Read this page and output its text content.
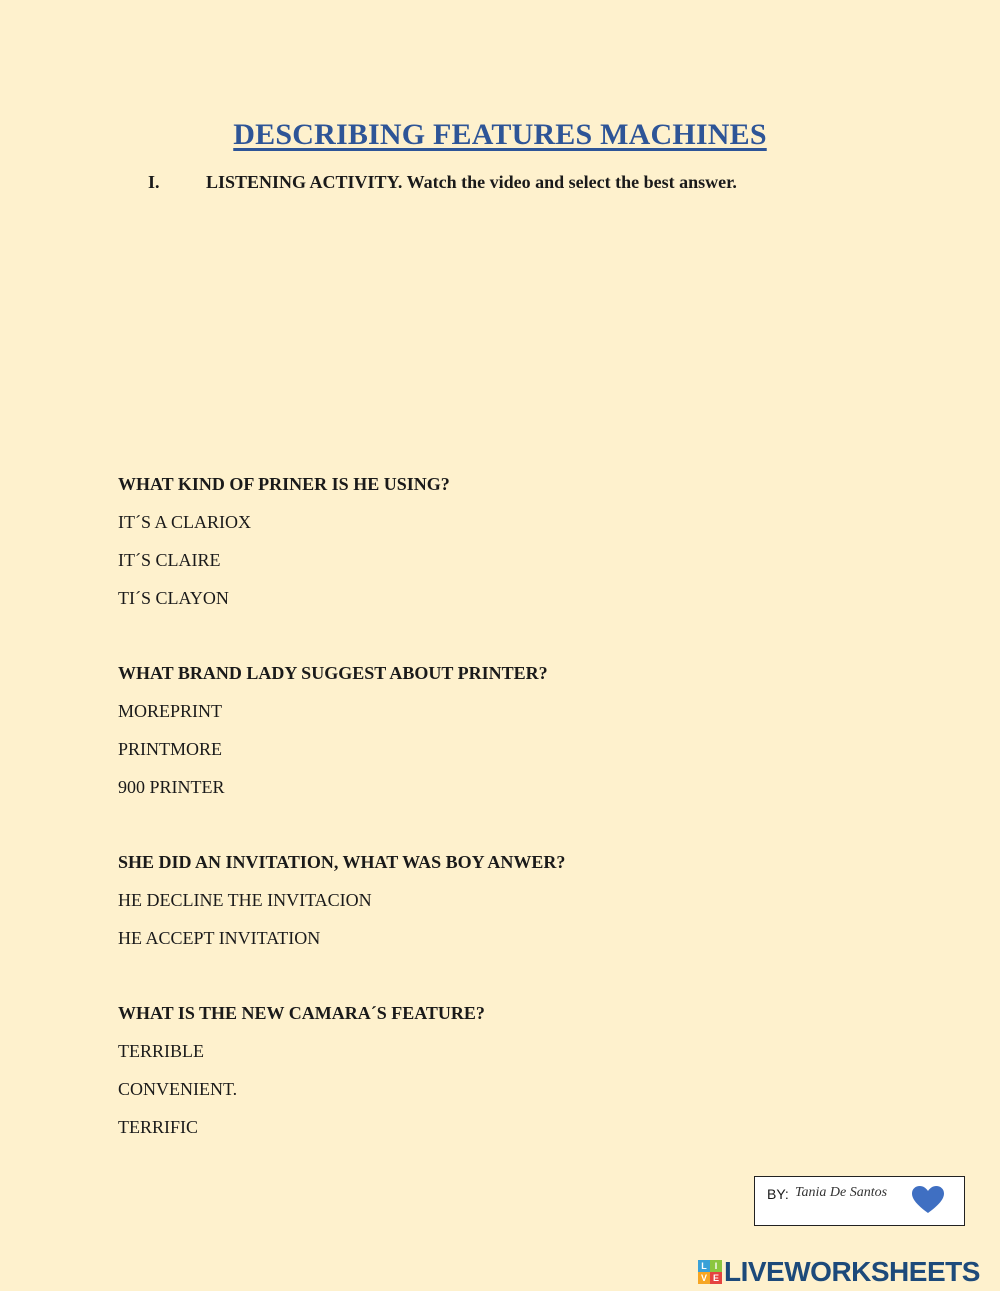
DESCRIBING FEATURES MACHINES
I.	LISTENING ACTIVITY. Watch the video and select the best answer.
WHAT KIND OF PRINER IS HE USING?
IT´S A CLARIOX
IT´S CLAIRE
TI´S CLAYON
WHAT BRAND LADY SUGGEST ABOUT PRINTER?
MOREPRINT
PRINTMORE
900 PRINTER
SHE DID AN INVITATION, WHAT WAS BOY ANWER?
HE DECLINE THE INVITACION
HE ACCEPT INVITATION
WHAT IS THE NEW CAMARA´S FEATURE?
TERRIBLE
CONVENIENT.
TERRIFIC
BY: Tania De Santos
L I
V E LIVEWORKSHEETS
